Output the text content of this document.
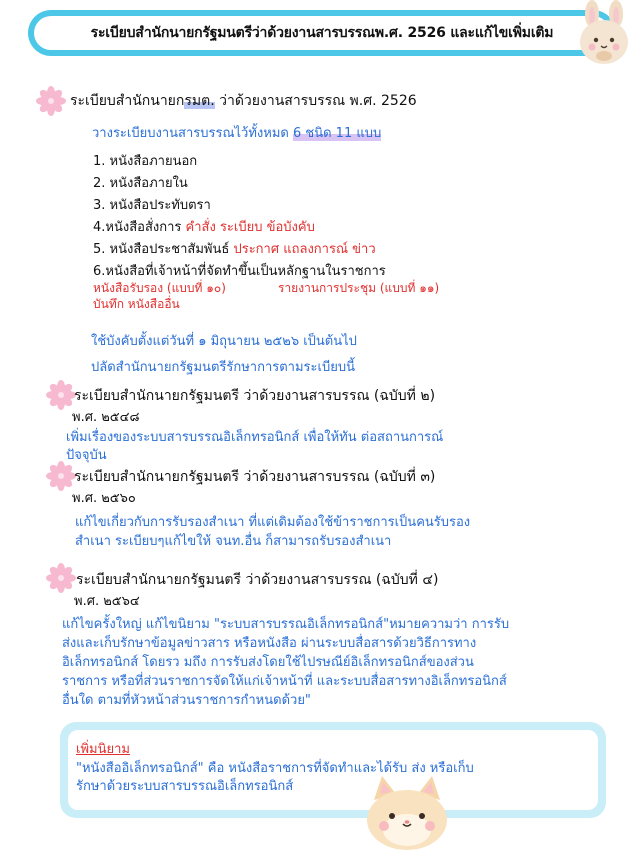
ระเบียบสำนักนายกรัฐมนตรีว่าด้วยงานสารบรรณพ.ศ. 2526 และแก้ไขเพิ่มเติม
ระเบียบสำนักนายกรมต. ว่าด้วยงานสารบรรณ พ.ศ. 2526
วางระเบียบงานสารบรรณไว้ทั้งหมด 6 ชนิด 11 แบบ
1. หนังสือภายนอก
2. หนังสือภายใน
3. หนังสือประทับตรา
4.หนังสือสั่งการ คำสั่ง ระเบียบ ข้อบังคับ
5. หนังสือประชาสัมพันธ์ ประกาศ แถลงการณ์ ข่าว
6.หนังสือที่เจ้าหน้าที่จัดทำขึ้นเป็นหลักฐานในราชการ
หนังสือรับรอง (แบบที่ ๑๐)	รายงานการประชุม (แบบที่ ๑๑)
บันทึก หนังสืออื่น
ใช้บังคับตั้งแต่วันที่ ๑ มิถุนายน ๒๕๒๖ เป็นต้นไป
ปลัดสำนักนายกรัฐมนตรีรักษาการตามระเบียบนี้
ระเบียบสำนักนายกรัฐมนตรี ว่าด้วยงานสารบรรณ (ฉบับที่ ๒)
พ.ศ. ๒๕๔๘
เพิ่มเรื่องของระบบสารบรรณอิเล็กทรอนิกส์ เพื่อให้ทัน ต่อสถานการณ์
ปัจจุบัน
ระเบียบสำนักนายกรัฐมนตรี ว่าด้วยงานสารบรรณ (ฉบับที่ ๓)
พ.ศ. ๒๕๖๐
แก้ไขเกี่ยวกับการรับรองสำเนา ที่แต่เดิมต้องใช้ข้าราชการเป็นคนรับรอง
สำเนา ระเบียบๆแก้ไขให้ จนท.อื่น ก็สามารถรับรองสำเนา
ระเบียบสำนักนายกรัฐมนตรี ว่าด้วยงานสารบรรณ (ฉบับที่ ๔)
พ.ศ. ๒๕๖๔
แก้ไขครั้งใหญ่ แก้ไขนิยาม "ระบบสารบรรณอิเล็กทรอนิกส์"หมายความว่า การรับ
ส่งและเก็บรักษาข้อมูลข่าวสาร หรือหนังสือ ผ่านระบบสื่อสารด้วยวิธีการทาง
อิเล็กทรอนิกส์ โดยรว มถึง การรับส่งโดยใช้ไปรษณีย์อิเล็กทรอนิกส์ของส่วน
ราชการ หรือที่ส่วนราชการจัดให้แก่เจ้าหน้าที่ และระบบสื่อสารทางอิเล็กทรอนิกส์
อื่นใด ตามที่หัวหน้าส่วนราชการกำหนดด้วย"
เพิ่มนิยาม
"หนังสืออิเล็กทรอนิกส์" คือ หนังสือราชการที่จัดทำและได้รับ ส่ง หรือเก็บ
รักษาด้วยระบบสารบรรณอิเล็กทรอนิกส์
